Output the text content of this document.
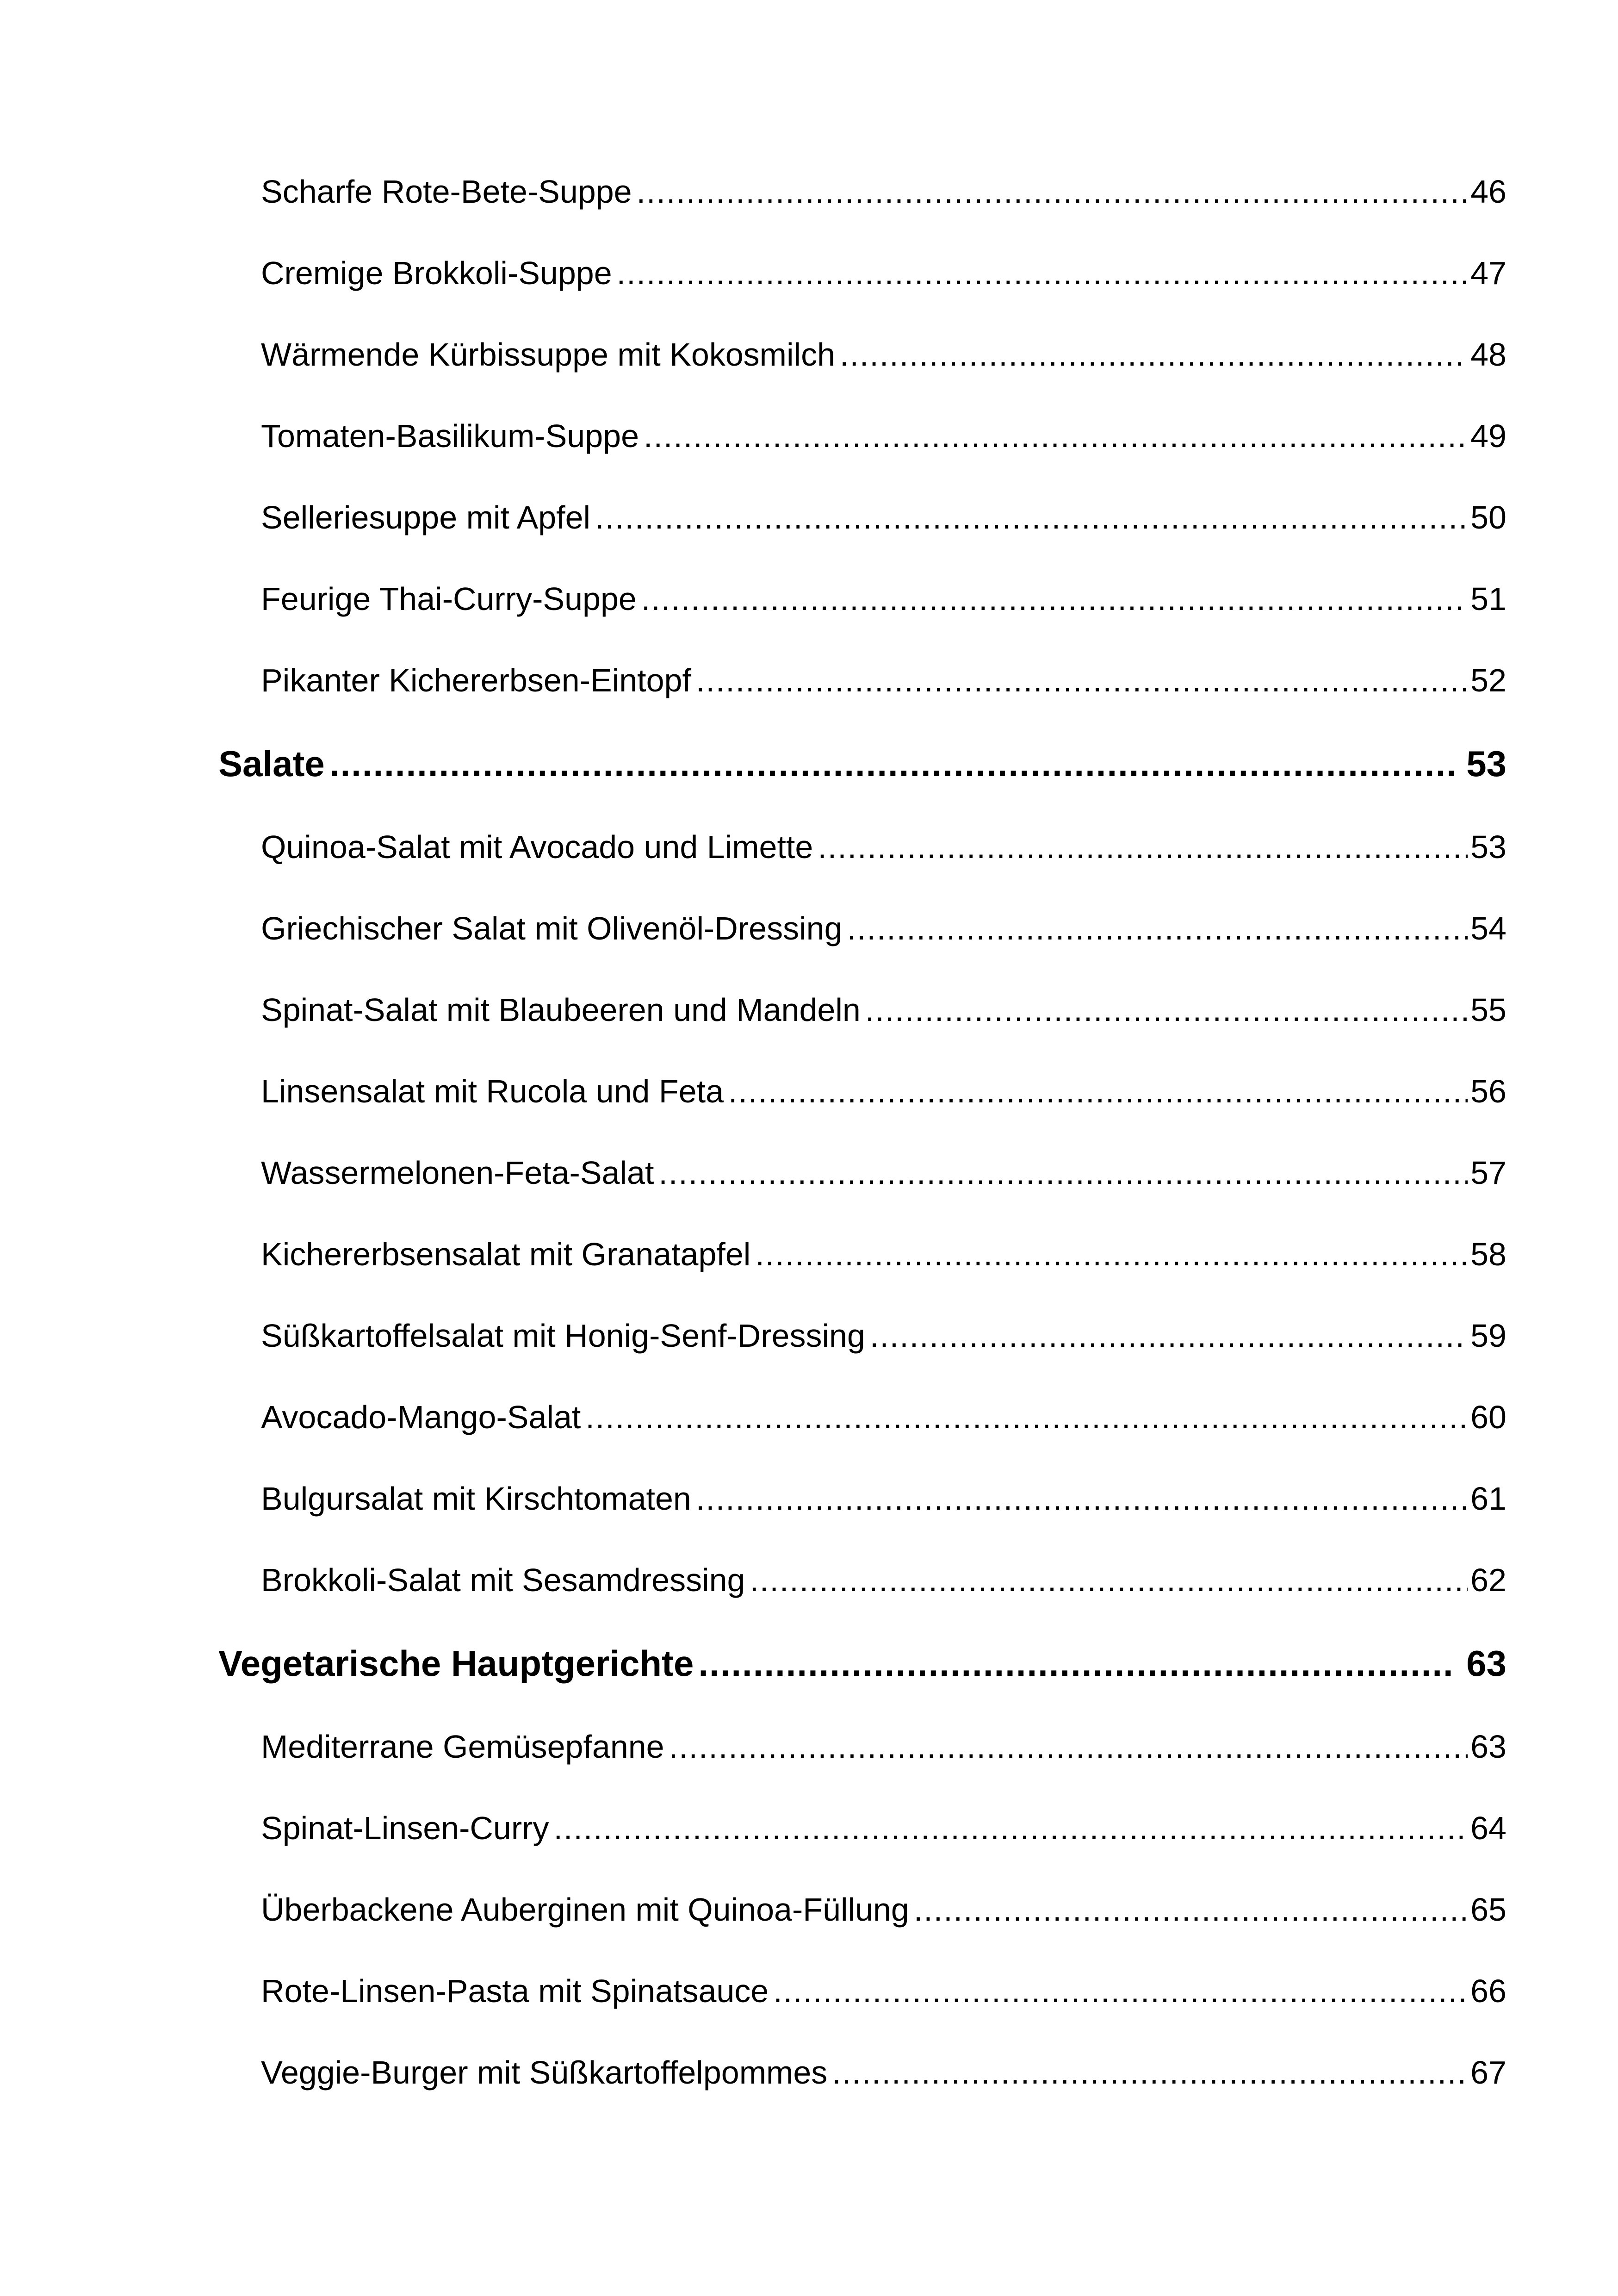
Scharfe Rote-Bete-Suppe .....	46
Cremige Brokkoli-Suppe .....	47
Wärmende Kürbissuppe mit Kokosmilch .....	48
Tomaten-Basilikum-Suppe .....	49
Selleriesuppe mit Apfel .....	50
Feurige Thai-Curry-Suppe .....	51
Pikanter Kichererbsen-Eintopf .....	52
Salate .....	53
Quinoa-Salat mit Avocado und Limette .....	53
Griechischer Salat mit Olivenöl-Dressing .....	54
Spinat-Salat mit Blaubeeren und Mandeln .....	55
Linsensalat mit Rucola und Feta .....	56
Wassermelonen-Feta-Salat .....	57
Kichererbsensalat mit Granatapfel .....	58
Süßkartoffelsalat mit Honig-Senf-Dressing .....	59
Avocado-Mango-Salat .....	60
Bulgursalat mit Kirschtomaten .....	61
Brokkoli-Salat mit Sesamdressing .....	62
Vegetarische Hauptgerichte .....	63
Mediterrane Gemüsepfanne .....	63
Spinat-Linsen-Curry .....	64
Überbackene Auberginen mit Quinoa-Füllung .....	65
Rote-Linsen-Pasta mit Spinatsauce .....	66
Veggie-Burger mit Süßkartoffelpommes .....	67
